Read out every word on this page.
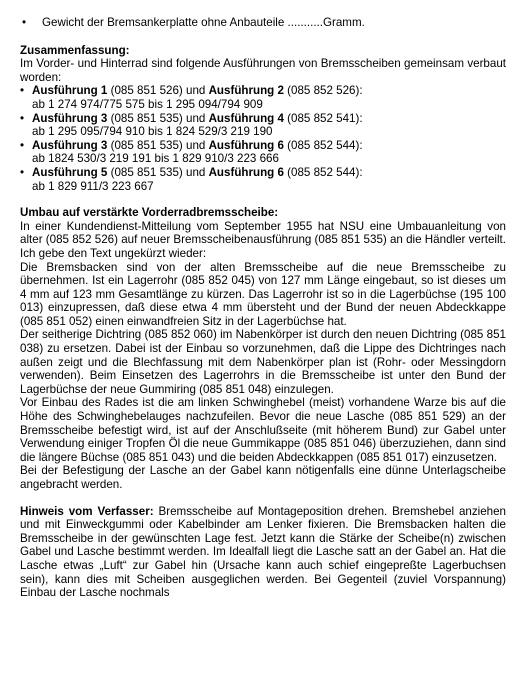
•	Gewicht der Bremsankerplatte ohne Anbauteile ...........Gramm.
Zusammenfassung:
Im Vorder- und Hinterrad sind folgende Ausführungen von Bremsscheiben gemeinsam verbaut worden:
• Ausführung 1 (085 851 526) und Ausführung 2 (085 852 526):
ab 1 274 974/775 575 bis 1 295 094/794 909
• Ausführung 3 (085 851 535) und Ausführung 4 (085 852 541):
ab 1 295 095/794 910 bis 1 824 529/3 219 190
• Ausführung 3 (085 851 535) und Ausführung 6 (085 852 544):
ab 1824 530/3 219 191 bis 1 829 910/3 223 666
• Ausführung 5 (085 851 535) und Ausführung 6 (085 852 544):
ab 1 829 911/3 223 667
Umbau auf verstärkte Vorderradbremsscheibe:
In einer Kundendienst-Mitteilung vom September 1955 hat NSU eine Umbauanleitung von alter (085 852 526) auf neuer Bremsscheibenausführung (085 851 535) an die Händler verteilt. Ich gebe den Text ungekürzt wieder:
Die Bremsbacken sind von der alten Bremsscheibe auf die neue Bremsscheibe zu übernehmen. Ist ein Lagerrohr (085 852 045) von 127 mm Länge eingebaut, so ist dieses um 4 mm auf 123 mm Gesamtlänge zu kürzen. Das Lagerrohr ist so in die Lagerbüchse (195 100 013) einzupressen, daß diese etwa 4 mm übersteht und der Bund der neuen Abdeckkappe (085 851 052) einen einwandfreien Sitz in der Lagerbüchse hat.
Der seitherige Dichtring (085 852 060) im Nabenkörper ist durch den neuen Dichtring (085 851 038) zu ersetzen. Dabei ist der Einbau so vorzunehmen, daß die Lippe des Dichtringes nach außen zeigt und die Blechfassung mit dem Nabenkörper plan ist (Rohr- oder Messingdorn verwenden). Beim Einsetzen des Lagerrohrs in die Bremsscheibe ist unter den Bund der Lagerbüchse der neue Gummiring (085 851 048) einzulegen.
Vor Einbau des Rades ist die am linken Schwinghebel (meist) vorhandene Warze bis auf die Höhe des Schwinghebelauges nachzufeilen. Bevor die neue Lasche (085 851 529) an der Bremsscheibe befestigt wird, ist auf der Anschlußseite (mit höherem Bund) zur Gabel unter Verwendung einiger Tropfen Öl die neue Gummikappe (085 851 046) überzuziehen, dann sind die längere Büchse (085 851 043) und die beiden Abdeckkappen (085 851 017) einzusetzen.
Bei der Befestigung der Lasche an der Gabel kann nötigenfalls eine dünne Unterlagscheibe angebracht werden.
Hinweis vom Verfasser: Bremsscheibe auf Montageposition drehen. Bremshebel anziehen und mit Einweckgummi oder Kabelbinder am Lenker fixieren. Die Bremsbacken halten die Bremsscheibe in der gewünschten Lage fest. Jetzt kann die Stärke der Scheibe(n) zwischen Gabel und Lasche bestimmt werden. Im Idealfall liegt die Lasche satt an der Gabel an. Hat die Lasche etwas „Luft“ zur Gabel hin (Ursache kann auch schief eingepreßte Lagerbuchsen sein), kann dies mit Scheiben ausgeglichen werden. Bei Gegenteil (zuviel Vorspannung) Einbau der Lasche nochmals
